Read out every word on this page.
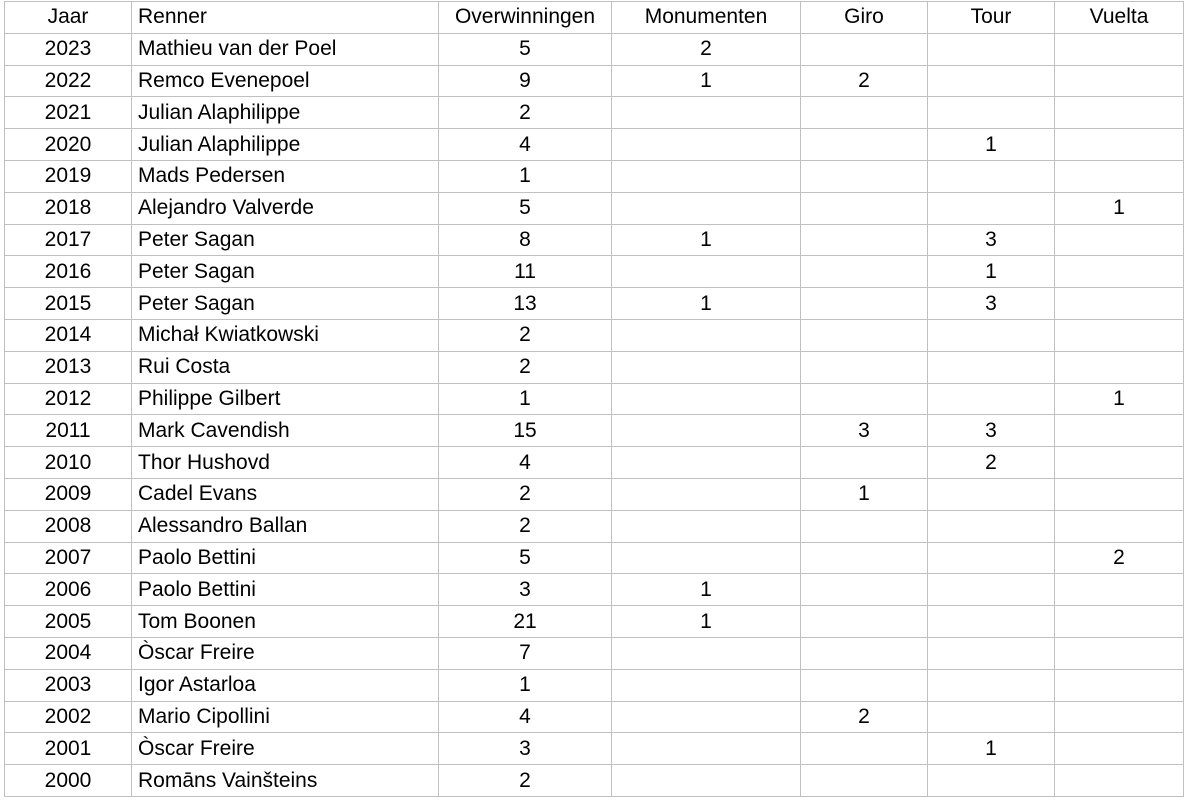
Jaar	Renner	Overwinningen	Monumenten	Giro	Tour	Vuelta
2023	Mathieu van der Poel	5	2			
2022	Remco Evenepoel	9	1	2		
2021	Julian Alaphilippe	2				
2020	Julian Alaphilippe	4			1	
2019	Mads Pedersen	1				
2018	Alejandro Valverde	5				1
2017	Peter Sagan	8	1		3	
2016	Peter Sagan	11			1	
2015	Peter Sagan	13	1		3	
2014	Michał Kwiatkowski	2				
2013	Rui Costa	2				
2012	Philippe Gilbert	1				1
2011	Mark Cavendish	15		3	3	
2010	Thor Hushovd	4			2	
2009	Cadel Evans	2		1		
2008	Alessandro Ballan	2				
2007	Paolo Bettini	5				2
2006	Paolo Bettini	3	1			
2005	Tom Boonen	21	1			
2004	Òscar Freire	7				
2003	Igor Astarloa	1				
2002	Mario Cipollini	4		2		
2001	Òscar Freire	3			1	
2000	Romāns Vainšteins	2				
